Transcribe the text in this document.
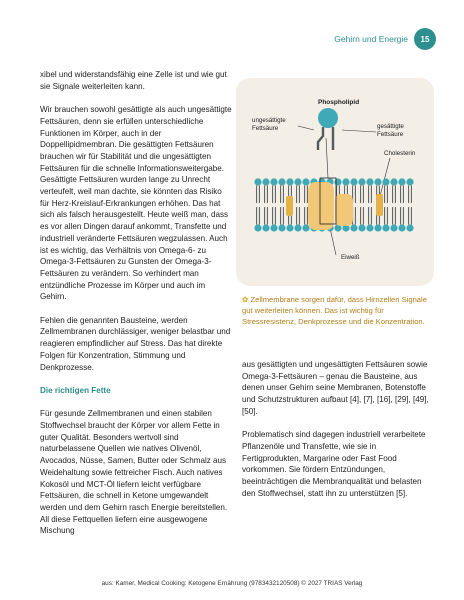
Gehirn und Energie	15

xibel und widerstandsfähig eine Zelle ist und wie gut sie Signale weiterleiten kann.

Wir brauchen sowohl gesättigte als auch ungesättigte Fettsäuren, denn sie erfüllen unterschiedliche Funktionen im Körper, auch in der Doppellipidmembran. Die gesättigten Fettsäuren brauchen wir für Stabilität und die ungesättigten Fettsäuren für die schnelle Informationsweitergabe. Gesättigte Fettsäuren wurden lange zu Unrecht verteufelt, weil man dachte, sie könnten das Risiko für Herz-Kreislauf-Erkrankungen erhöhen. Das hat sich als falsch herausgestellt. Heute weiß man, dass es vor allen Dingen darauf ankommt, Transfette und industriell veränderte Fettsäuren wegzulassen. Auch ist es wichtig, das Verhältnis von Omega-6- zu Omega-3-Fettsäuren zu Gunsten der Omega-3-Fettsäuren zu verändern. So verhindert man entzündliche Prozesse im Körper und auch im Gehirn.

Fehlen die genannten Bausteine, werden Zellmembranen durchlässiger, weniger belastbar und reagieren empfindlicher auf Stress. Das hat direkte Folgen für Konzentration, Stimmung und Denkprozesse.

Die richtigen Fette

Für gesunde Zellmembranen und einen stabilen Stoffwechsel braucht der Körper vor allem Fette in guter Qualität. Besonders wertvoll sind naturbelassene Quellen wie natives Olivenöl, Avocados, Nüsse, Samen, Butter oder Schmalz aus Weidehaltung sowie fettreicher Fisch. Auch natives Kokosöl und MCT-Öl liefern leicht verfügbare Fettsäuren, die schnell in Ketone umgewandelt werden und dem Gehirn rasch Energie bereitstellen. All diese Fettquellen liefern eine ausgewogene Mischung

Phospholipid
ungesättigte
Fettsäure	gesättigte
Fettsäure
Cholesterin
Eiweiß
✿ Zellmembrane sorgen dafür, dass Hirnzellen Signale gut weiterleiten können. Das ist wichtig für Stressresistenz, Denkprozesse und die Konzentration.

aus gesättigten und ungesättigten Fettsäuren sowie Omega-3-Fettsäuren – genau die Bausteine, aus denen unser Gehirn seine Membranen, Botenstoffe und Schutzstrukturen aufbaut [4], [7], [16], [29], [49], [50].

Problematisch sind dagegen industriell verarbeitete Pflanzenöle und Transfette, wie sie in Fertigprodukten, Margarine oder Fast Food vorkommen. Sie fördern Entzündungen, beeinträchtigen die Membranqualität und belasten den Stoffwechsel, statt ihn zu unterstützen [5].

aus: Kamer, Medical Cooking: Ketogene Ernährung (9783432120508) © 2027 TRIAS Verlag
